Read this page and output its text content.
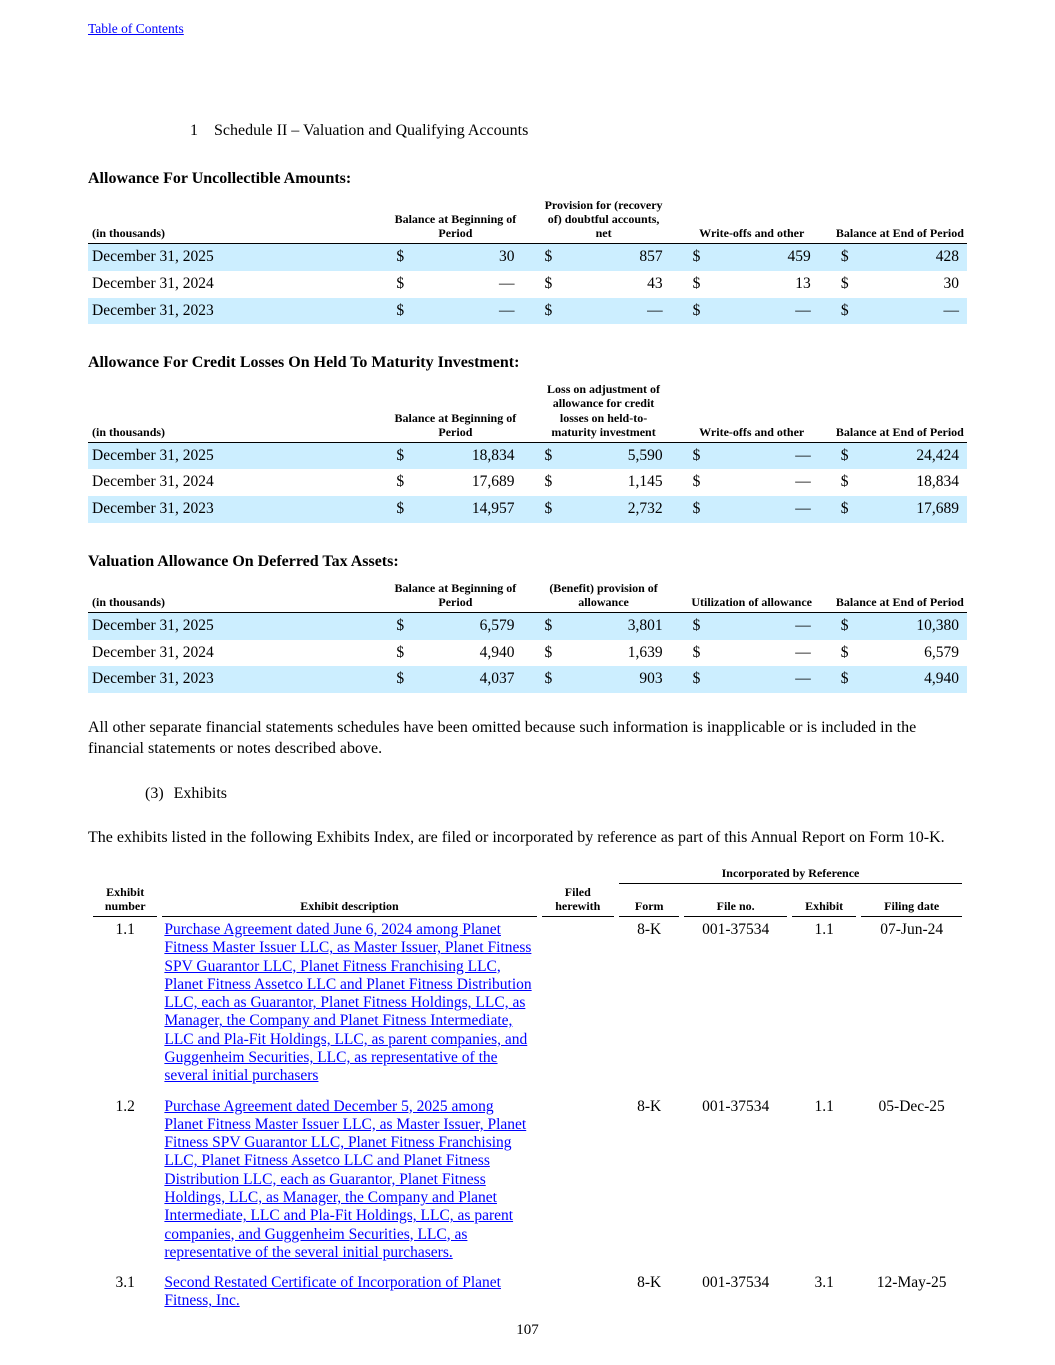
Table of Contents
1 Schedule II – Valuation and Qualifying Accounts
Allowance For Uncollectible Amounts:
(in thousands)	Balance at Beginning of Period			Provision for (recovery of) doubtful accounts, net			Write-offs and other			Balance at End of Period	
December 31, 2025	$	30		$	857		$	459		$	428
December 31, 2024	$	—		$	43		$	13		$	30
December 31, 2023	$	—		$	—		$	—		$	—
Allowance For Credit Losses On Held To Maturity Investment:
(in thousands)	Balance at Beginning of Period			Loss on adjustment of allowance for credit losses on held-to-maturity investment			Write-offs and other			Balance at End of Period	
December 31, 2025	$	18,834		$	5,590		$	—		$	24,424
December 31, 2024	$	17,689		$	1,145		$	—		$	18,834
December 31, 2023	$	14,957		$	2,732		$	—		$	17,689
Valuation Allowance On Deferred Tax Assets:
(in thousands)	Balance at Beginning of Period			(Benefit) provision of allowance			Utilization of allowance			Balance at End of Period	
December 31, 2025	$	6,579		$	3,801		$	—		$	10,380
December 31, 2024	$	4,940		$	1,639		$	—		$	6,579
December 31, 2023	$	4,037		$	903		$	—		$	4,940

All other separate financial statements schedules have been omitted because such information is inapplicable or is included in the financial statements or notes described above.

(3) Exhibits

The exhibits listed in the following Exhibits Index, are filed or incorporated by reference as part of this Annual Report on Form 10-K.

			Incorporated by Reference			
Exhibit number	Exhibit description	Filed herewith	Form	File no.	Exhibit	Filing date
1.1	Purchase Agreement dated June 6, 2024 among Planet Fitness Master Issuer LLC, as Master Issuer, Planet Fitness SPV Guarantor LLC, Planet Fitness Franchising LLC, Planet Fitness Assetco LLC and Planet Fitness Distribution LLC, each as Guarantor, Planet Fitness Holdings, LLC, as Manager, the Company and Planet Fitness Intermediate, LLC and Pla-Fit Holdings, LLC, as parent companies, and Guggenheim Securities, LLC, as representative of the several initial purchasers		8-K	001-37534	1.1	07-Jun-24
1.2	Purchase Agreement dated December 5, 2025 among Planet Fitness Master Issuer LLC, as Master Issuer, Planet Fitness SPV Guarantor LLC, Planet Fitness Franchising LLC, Planet Fitness Assetco LLC and Planet Fitness Distribution LLC, each as Guarantor, Planet Fitness Holdings, LLC, as Manager, the Company and Planet Intermediate, LLC and Pla-Fit Holdings, LLC, as parent companies, and Guggenheim Securities, LLC, as representative of the several initial purchasers.		8-K	001-37534	1.1	05-Dec-25
3.1	Second Restated Certificate of Incorporation of Planet Fitness, Inc.		8-K	001-37534	3.1	12-May-25
107
